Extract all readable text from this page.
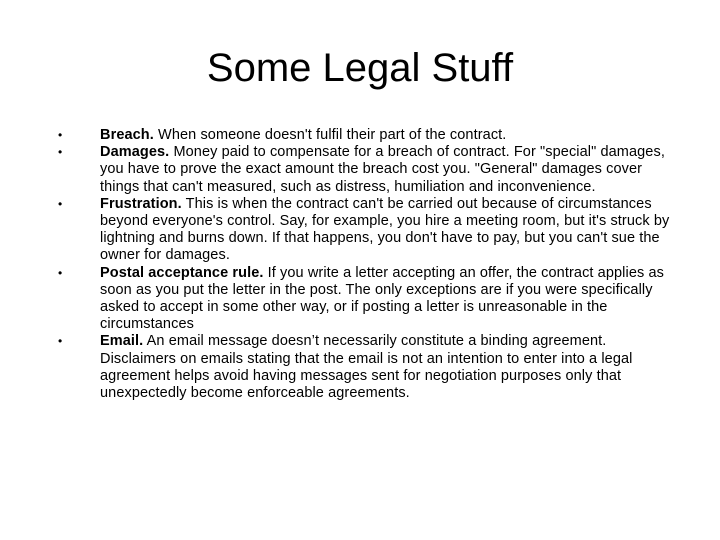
Some Legal Stuff
•	Breach. When someone doesn't fulfil their part of the contract.
•	Damages. Money paid to compensate for a breach of contract. For "special" damages, you have to prove the exact amount the breach cost you. "General" damages cover things that can't measured, such as distress, humiliation and inconvenience.
•	Frustration. This is when the contract can't be carried out because of circumstances beyond everyone's control. Say, for example, you hire a meeting room, but it's struck by lightning and burns down. If that happens, you don't have to pay, but you can't sue the owner for damages.
•	Postal acceptance rule. If you write a letter accepting an offer, the contract applies as soon as you put the letter in the post. The only exceptions are if you were specifically asked to accept in some other way, or if posting a letter is unreasonable in the circumstances
•	Email. An email message doesn’t necessarily constitute a binding agreement. Disclaimers on emails stating that the email is not an intention to enter into a legal agreement helps avoid having messages sent for negotiation purposes only that unexpectedly become enforceable agreements.
